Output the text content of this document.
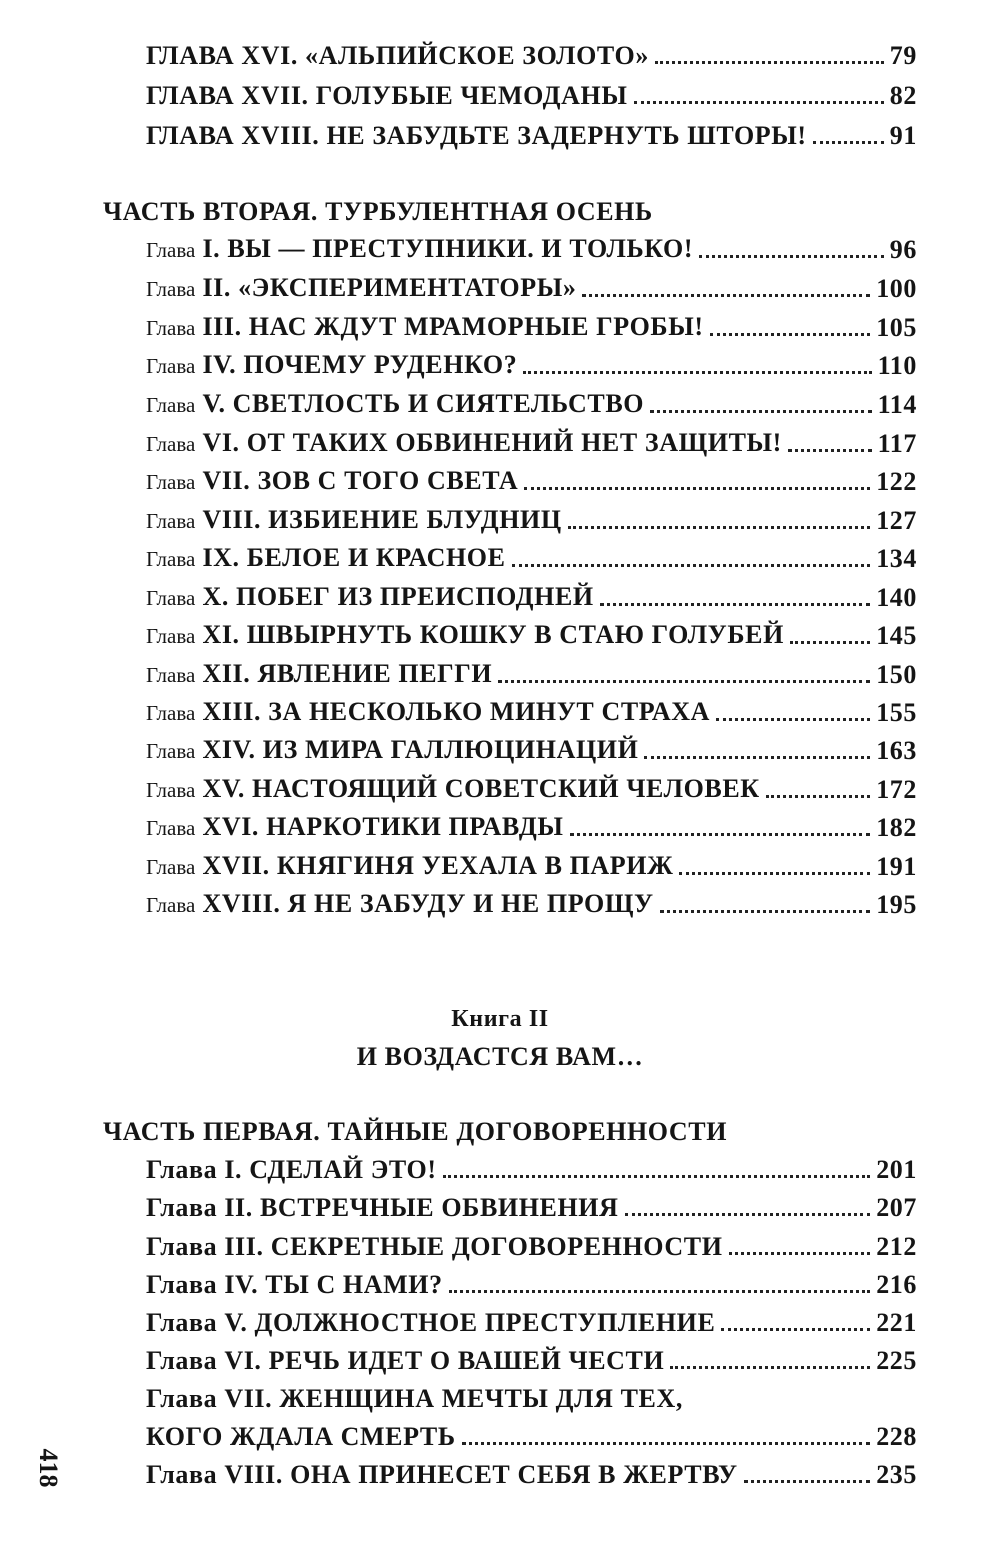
ГЛАВА XVI. «АЛЬПИЙСКОЕ ЗОЛОТО»	79
ГЛАВА XVII. ГОЛУБЫЕ ЧЕМОДАНЫ	82
ГЛАВА XVIII. НЕ ЗАБУДЬТЕ ЗАДЕРНУТЬ ШТОРЫ!	91
ЧАСТЬ ВТОРАЯ. ТУРБУЛЕНТНАЯ ОСЕНЬ
Глава I. ВЫ — ПРЕСТУПНИКИ. И ТОЛЬКО!	96
Глава II. «ЭКСПЕРИМЕНТАТОРЫ»	100
Глава III. НАС ЖДУТ МРАМОРНЫЕ ГРОБЫ!	105
Глава IV. ПОЧЕМУ РУДЕНКО?	110
Глава V. СВЕТЛОСТЬ И СИЯТЕЛЬСТВО	114
Глава VI. ОТ ТАКИХ ОБВИНЕНИЙ НЕТ ЗАЩИТЫ!	117
Глава VII. ЗОВ С ТОГО СВЕТА	122
Глава VIII. ИЗБИЕНИЕ БЛУДНИЦ	127
Глава IX. БЕЛОЕ И КРАСНОЕ	134
Глава X. ПОБЕГ ИЗ ПРЕИСПОДНЕЙ	140
Глава XI. ШВЫРНУТЬ КОШКУ В СТАЮ ГОЛУБЕЙ	145
Глава XII. ЯВЛЕНИЕ ПЕГГИ	150
Глава XIII. ЗА НЕСКОЛЬКО МИНУТ СТРАХА	155
Глава XIV. ИЗ МИРА ГАЛЛЮЦИНАЦИЙ	163
Глава XV. НАСТОЯЩИЙ СОВЕТСКИЙ ЧЕЛОВЕК	172
Глава XVI. НАРКОТИКИ ПРАВДЫ	182
Глава XVII. КНЯГИНЯ УЕХАЛА В ПАРИЖ	191
Глава XVIII. Я НЕ ЗАБУДУ И НЕ ПРОЩУ	195
Книга II
И ВОЗДАСТСЯ ВАМ…
ЧАСТЬ ПЕРВАЯ. ТАЙНЫЕ ДОГОВОРЕННОСТИ
Глава I. СДЕЛАЙ ЭТО!	201
Глава II. ВСТРЕЧНЫЕ ОБВИНЕНИЯ	207
Глава III. СЕКРЕТНЫЕ ДОГОВОРЕННОСТИ	212
Глава IV. ТЫ С НАМИ?	216
Глава V. ДОЛЖНОСТНОЕ ПРЕСТУПЛЕНИЕ	221
Глава VI. РЕЧЬ ИДЕТ О ВАШЕЙ ЧЕСТИ	225
Глава VII. ЖЕНЩИНА МЕЧТЫ ДЛЯ ТЕХ,
КОГО ЖДАЛА СМЕРТЬ	228
Глава VIII. ОНА ПРИНЕСЕТ СЕБЯ В ЖЕРТВУ	235
418
